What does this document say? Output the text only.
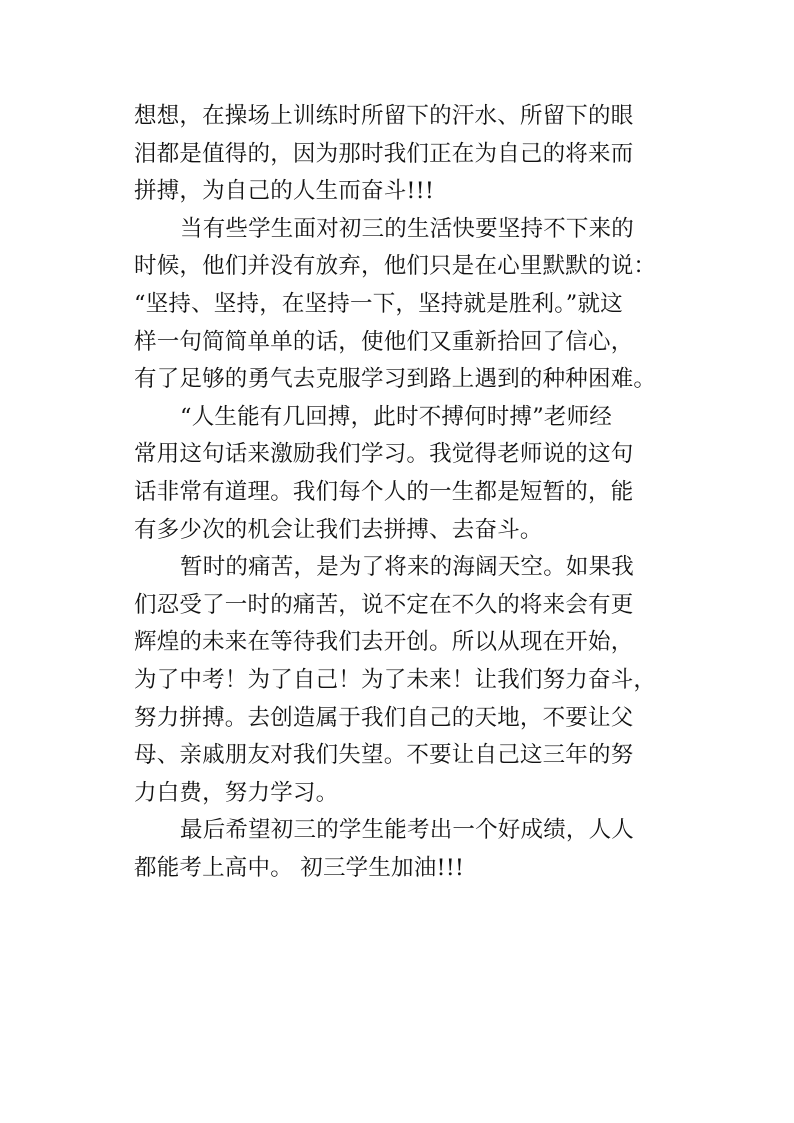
想想，在操场上训练时所留下的汗水、所留下的眼
泪都是值得的，因为那时我们正在为自己的将来而
拼搏，为自己的人生而奋斗!!!
当有些学生面对初三的生活快要坚持不下来的
时候，他们并没有放弃，他们只是在心里默默的说：
“坚持、坚持，在坚持一下，坚持就是胜利。”就这
样一句简简单单的话，使他们又重新拾回了信心，
有了足够的勇气去克服学习到路上遇到的种种困难。
“人生能有几回搏，此时不搏何时搏”老师经
常用这句话来激励我们学习。我觉得老师说的这句
话非常有道理。我们每个人的一生都是短暂的，能
有多少次的机会让我们去拼搏、去奋斗。
暂时的痛苦，是为了将来的海阔天空。如果我
们忍受了一时的痛苦，说不定在不久的将来会有更
辉煌的未来在等待我们去开创。所以从现在开始，
为了中考！为了自己！为了未来！让我们努力奋斗，
努力拼搏。去创造属于我们自己的天地，不要让父
母、亲戚朋友对我们失望。不要让自己这三年的努
力白费，努力学习。
最后希望初三的学生能考出一个好成绩，人人
都能考上高中。 初三学生加油!!!
